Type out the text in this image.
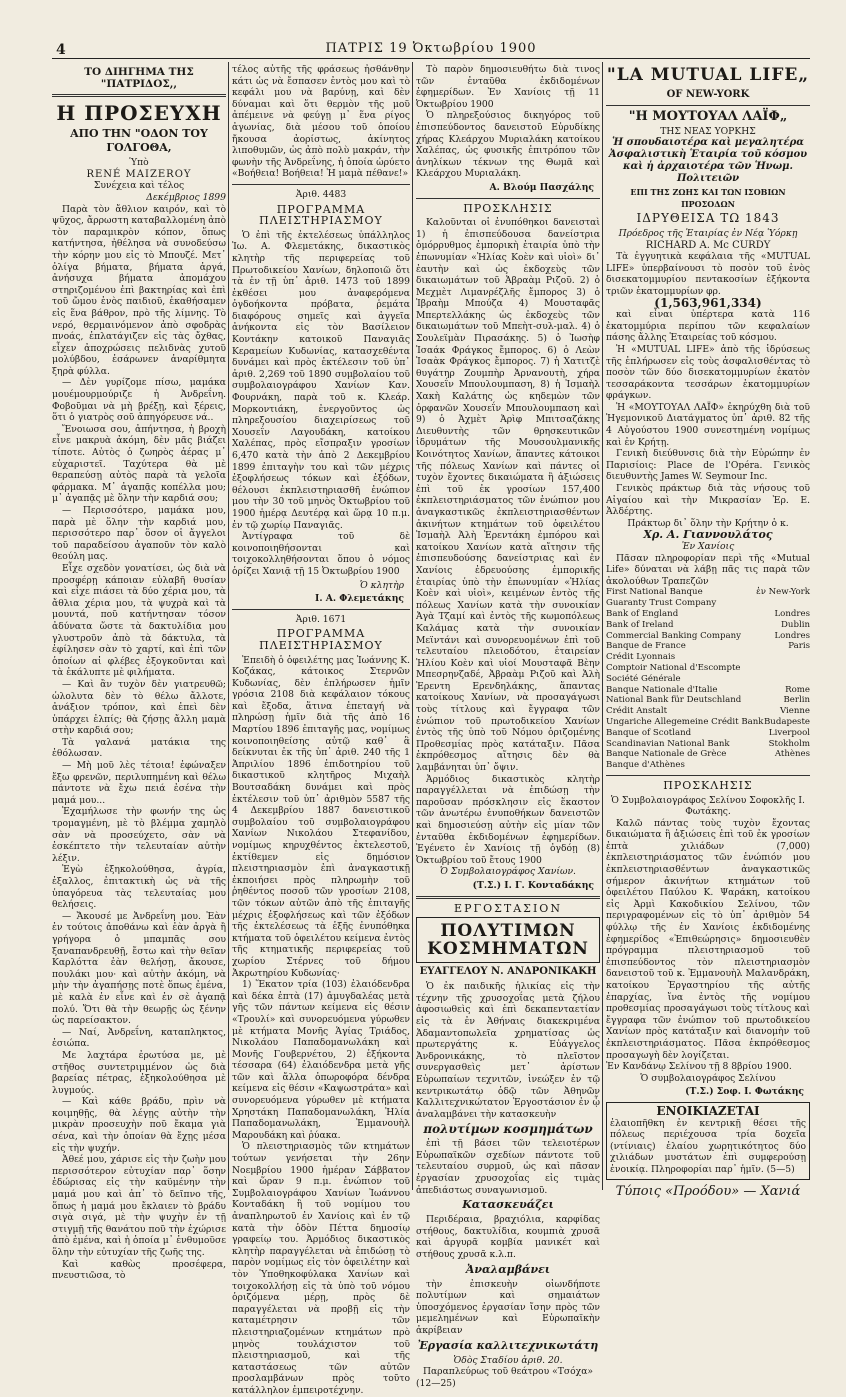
4	ΠΑΤΡΙΣ 19 Ὀκτωβρίου 1900
ΤΟ ΔΙΗΓΗΜΑ ΤΗΣ "ΠΑΤΡΙΔΟΣ,,
Η ΠΡΟΣΕΥΧΗ
ΑΠΟ ΤΗΝ "ΟΔΟΝ ΤΟΥ ΓΟΛΓΟΘΑ,
Ὑπὸ
RENÉ MAIZEROY
Συνέχεια καὶ τέλος
Δεκέμβριος 1899

Παρὰ τὸν ἄθλιον καιρόν, καὶ τὸ ψῦχος, ἄρρωστη καταβαλλομένη ἀπὸ τὸν παραμικρὸν κόπον, ὅπως κατήντησα, ἠθέλησα νὰ συνοδεύσω τὴν κόρην μου εἰς τὸ Μπουζέ. Μετ᾽ ὀλίγα βήματα, βήματα ἀργά, ἀνήσυχα βήματα ἀπομάχου στηριζομένου ἐπὶ βακτηρίας καὶ ἐπὶ τοῦ ὤμου ἑνὸς παιδιοῦ, ἐκαθήσαμεν εἰς ἕνα βάθρον, πρὸ τῆς λίμνης. Τὸ νερό, θερμαινόμενον ἀπὸ σφοδρὰς πνοάς, ἐπλατάγιζεν εἰς τὰς ὄχθας, εἶχεν ἀποχρώσεις πελιδνὰς χυτοῦ μολύβδου, ἐσάρωνεν ἀναρίθμητα ξηρὰ φύλλα.

— Δὲν γυρίζομε πίσω, μαμάκα μουέμουρμούριζε ἡ Ἀνδρεΐνη. Φοβοῦμαι νὰ μὴ βρέξῃ, καὶ ξέρεις, ὅτι ὁ γιατρὸς σοῦ ἀπηγόρευσε νά..

Ἔνοιωσα σου, ἀπήντησα, ἡ βροχὴ εἶνε μακρυὰ ἀκόμη, δὲν μᾶς βιάζει τίποτε. Αὐτὸς ὁ ζωηρὸς ἀέρας μ᾽ εὐχαριστεῖ. Ταχύτερα θὰ μὲ θεραπεύσῃ αὐτὸς παρὰ τὰ γελοῖα φάρμακα. Μ᾽ ἀγαπᾷς κοπέλλα μου; μ᾽ ἀγαπᾷς μὲ ὅλην τὴν καρδιά σου;

— Περισσότερο, μαμάκα μου, παρὰ μὲ ὅλην τὴν καρδιά μου, περισσότερο παρ᾽ ὅσον οἱ ἄγγελοι τοῦ παραδείσου ἀγαποῦν τὸν καλὸ θεούλη μας.

Εἶχε σχεδὸν γονατίσει, ὡς διὰ νὰ προσφέρῃ κάποιαν εὐλαβῆ θυσίαν καὶ εἶχε πιάσει τὰ δύο χέρια μου, τὰ ἄθλια χέρια μου, τὰ ψυχρὰ καὶ τὰ μουντά, ποῦ κατήντησαν τόσον ἀδύνατα ὥστε τὰ δακτυλίδια μου γλυστροῦν ἀπὸ τὰ δάκτυλα, τὰ ἐφίλησεν σὰν τὸ χαρτί, καὶ ἐπὶ τῶν ὁποίων αἱ φλέβες ἐξογκοῦνται καὶ τὰ ἐκάλυπτε μὲ φιλήματα.

— Καὶ ἂν τυχὸν δὲν γιατρευθῶ; ὡλολυτα δὲν τὸ θέλω ἄλλοτε, ἀνάξιον τρόπον, καὶ ἐπεὶ δὲν ὑπάρχει ἐλπίς; θὰ ζήσῃς ἄλλη μαμὰ στὴν καρδιά σου;

Τὰ γαλανά ματάκια της ἐθόλωσαν.

— Μὴ μοῦ λὲς τέτοια! ἐφώναξεν ἔξω φρενῶν, περιλυπημένη καὶ θέλω πάντοτε νὰ ἔχω πειά ἐσένα τὴν μαμά μου...

Ἐχαμήλωσε τὴν φωνήν της ὡς τρομαγμένη, μὲ τὸ βλέμμα χαμηλὸ σὰν νὰ προσεύχετο, σὰν νὰ ἐσκέπτετο τὴν τελευταίαν αὐτὴν λέξιν.

Ἐγὼ ἐξηκολούθησα, ἀγρία, ἐξαλλος, ἐπιτακτικὴ ὡς νὰ τῆς ὑπαγόρευα τὰς τελευταίας μου θελήσεις.

— Ἄκουσέ με Ἀνδρεΐνη μου. Ἐὰν ἐν τούτοις ἀποθάνω καὶ ἐὰν ἀργὰ ἢ γρήγορα ὁ μπαμπᾶς σου ξαναπανδρευθῇ, ἔστω καὶ τὴν θεῖαν Καρλόττα ἐὰν θελήσῃ, ἄκουσε, πουλάκι μου· καὶ αὐτὴν ἀκόμη, νὰ μὴν τὴν ἀγαπήσῃς ποτὲ ὅπως ἐμένα, μὲ καλὰ ἐν εἶνε καὶ ἐν σὲ ἀγαπᾷ πολύ. Ὅτι θὰ τὴν θεωρῇς ὡς ξένην ὡς παρείσακτον.

— Ναί, Ἀνδρεΐνη, καταπληκτος, ἐσιώπα.

Με λαχτάρα ἐρωτύσα με, μὲ στῆθος συντετριμμένον ὡς διὰ βαρείας πέτρας, ἐξηκολούθησα μὲ λυγμούς.

— Καὶ κάθε βράδυ, πρὶν νὰ κοιμηθῇς, θὰ λέγῃς αὐτὴν τὴν μικρὰν προσευχὴν ποῦ ἔκαμα γιὰ σένα, καὶ τὴν ὁποίαν θὰ ἔχῃς μέσα εἰς τὴν ψυχήν.

Ἀθεέ μου, χάρισε εἰς τὴν ζωὴν μου περισσότερον εὐτυχίαν παρ᾽ ὅσην ἐδώρισας εἰς τὴν καϋμένην τὴν μαμά μου καὶ ἀπ᾽ τὸ δεῖπνο τῆς, ὅπως ἡ μαμά μου ἔκλαιεν τὸ βράδυ σιγὰ σιγά, μὲ τὴν ψυχὴν ἐν τῇ στιγμῇ τῆς θανάτου ποῦ τὴν ἐχώρισε ἀπὸ ἐμένα, καὶ ἡ ὁποία μ᾽ ἐνθυμοῦσε ὅλην τὴν εὐτυχίαν τῆς ζωῆς της.

Καὶ καθὼς προσέφερα, πνευστιῶσα, τὸ

τέλος αὐτῆς τῆς φράσεως ἠσθάνθην κάτι ὡς νὰ ἔσπασεν ἐντὸς μου καὶ τὸ κεφάλι μου νὰ βαρύνῃ, καὶ δὲν δύναμαι καὶ ὅτι θερμὸν τῆς μοῦ ἀπέμεινε νὰ φεύγῃ μ᾽ ἕνα ρίγος ἀγωνίας, διὰ μέσου τοῦ ὁποίου ἤκουσα ἀορίστως, ἀκίνητος λιποθυμῶν, ὡς ἀπὸ πολὺ μακράν, τὴν φωνὴν τῆς Ἀνδρεΐνης, ἡ ὁποία ὠρύετο «Βοήθεια! Βοήθεια! Ἡ μαμὰ πέθανε!»

Ἀριθ. 4483
ΠΡΟΓΡΑΜΜΑ ΠΛΕΙΣΤΗΡΙΑΣΜΟΥ

Ὁ ἐπὶ τῆς ἐκτελέσεως ὑπάλληλος Ἰω. Α. Φλεμετάκης, δικαστικὸς κλητὴρ τῆς περιφερείας τοῦ Πρωτοδικείου Χανίων, δηλοποιῶ ὅτι τὰ ἐν τῇ ὑπ᾽ ἀριθ. 1473 τοῦ 1899 ἐκθέσει μου ἀναφερόμενα ὀγδοήκοντα πρόβατα, ῥεμάτα διαφόρους σημεῖς καὶ ἀγγεῖα ἀνήκοντα εἰς τὸν Βασίλειον Κοντάκην κατοικοῦ Παναγιᾶς Κεραμείων Κυδωνίας, κατασχεθέντα δυνάμει καὶ πρὸς ἐκτέλεσιν τοῦ ὑπ᾽ ἀριθ. 2,269 τοῦ 1890 συμβολαίου τοῦ συμβολαιογράφου Χανίων Καν. Φουρνάκη, παρὰ τοῦ κ. Κλεάρ. Μορκοντιάκη, ἐνεργοῦντος ὡς πληρεξουσίου διαχειρίσεως τοῦ Χουσεΐν Λαγουδάκη, κατοίκου Χαλέπας, πρὸς εἴσπραξιν γροσίων 6,470 κατὰ τὴν ἀπὸ 2 Δεκεμβρίου 1899 ἐπιταγὴν του καὶ τῶν μέχρις ἐξοφλήσεως τόκων καὶ ἐξόδων, θέλουσι ἐκπλειστηριασθῆ ἐνώπιον μου τὴν 30 τοῦ μηνὸς Ὀκτωβρίου τοῦ 1900 ἡμέρᾳ Δευτέρᾳ καὶ ὥρᾳ 10 π.μ. ἐν τῷ χωρίῳ Παναγιᾶς.

Ἀντίγραφα τοῦ δὲ κοινοποιηθήσονται καὶ τοιχοκολληθήσονται ὅπου ὁ νόμος ὁρίζει Χανιᾷ τῇ 15 Ὀκτωβρίου 1900

Ὁ κλητὴρ
Ι. Α. Φλεμετάκης
Ἀριθ. 1671
ΠΡΟΓΡΑΜΜΑ ΠΛΕΙΣΤΗΡΙΑΣΜΟΥ

Ἐπειδὴ ὁ ὀφειλέτης μας Ἰωάννης Κ. Κοζάκας, κάτοικος Στερνῶν Κυδωνίας, δὲν ἐπλήρωσεν ἡμῖν γρόσια 2108 διὰ κεφάλαιον τόκους καὶ ἔξοδα, ἅτινα ἐπεταγή νὰ πληρώσῃ ἡμῖν διὰ τῆς ἀπὸ 16 Μαρτίου 1896 ἐπιταγῆς μας, νομίμως κοινοποιηθείσης αὐτῷ καθ᾽ ἃ δείκνυται ἐκ τῆς ὑπ᾽ ἀριθ. 240 τῆς 1 Ἀπριλίου 1896 ἐπιδοτηρίου τοῦ δικαστικοῦ κλητῆρος Μιχαὴλ Βουτσαδάκη δυνάμει καὶ πρὸς ἐκτέλεσιν τοῦ ὑπ᾽ ἀριθμὸν 5587 τῆς 4 Δεκεμβρίου 1887 δανειστικοῦ συμβολαίου τοῦ συμβολαιογράφου Χανίων Νικολάου Στεφανίδου, νομίμως κηρυχθέντος ἐκτελεστοῦ, ἐκτίθεμεν εἰς δημόσιον πλειστηριασμὸν ἐπὶ ἀναγκαστικῇ ἐκποιήσει πρὸς πληρωμὴν τοῦ ῥηθέντος ποσοῦ τῶν γροσίων 2108, τῶν τόκων αὐτῶν ἀπὸ τῆς ἐπιταγῆς μέχρις ἐξοφλήσεως καὶ τῶν ἐξόδων τῆς ἐκτελέσεως τὰ ἑξῆς ἐνυπόθηκα κτήματα τοῦ ὀφειλέτου κείμενα ἐντὸς τῆς κτηματικῆς περιφερείας τοῦ χωρίου Στέρνες τοῦ δήμου Ἀκρωτηρίου Κυδωνίας·

1) Ἕκατον τρία (103) ἐλαιόδενδρα καὶ δέκα ἑπτὰ (17) ἀμυγδαλέας μετὰ γῆς τῶν πάντων κείμενα εἰς θέσιν «Τρουλί» καὶ συνορευόμενα γύρωθεν μὲ κτήματα Μονῆς Ἁγίας Τριάδος, Νικολάου Παπαδομανωλάκη καὶ Μονῆς Γουβερνέτου, 2) ἑξήκοντα τέσσαρα (64) ἐλαιόδενδρα μετὰ γῆς τῶν καὶ ἄλλα ὀπωροφόρα δένδρα κείμενα εἰς θέσιν «Καψωστράτα» καὶ συνορευόμενα γύρωθεν μὲ κτήματα Χρηστάκη Παπαδομανωλάκη, Ἠλία Παπαδομανωλάκη, Ἐμμανουὴλ Μαρουδάκη καὶ ῥύακα.

Ὁ πλειστηριασμὸς τῶν κτημάτων τούτων γενήσεται τὴν 26ην Νοεμβρίου 1900 ἡμέραν Σάββατον καὶ ὥραν 9 π.μ. ἐνώπιον τοῦ Συμβολαιογράφου Χανίων Ἰωάννου Κονταδάκη ἢ τοῦ νομίμου του ἀναπληρωτοῦ ἐν Χανίοις καὶ ἐν τῷ κατὰ τὴν ὁδὸν Πέττα δημοσίῳ γραφείῳ του. Ἀρμόδιος δικαστικὸς κλητὴρ παραγγέλεται νὰ ἐπιδώσῃ τὸ παρὸν νομίμως εἰς τὸν ὀφειλέτην καὶ τὸν Ὑποθηκοφύλακα Χανίων καὶ τοιχοκολλήσῃ εἰς τὰ ὑπὸ τοῦ νόμου ὁριζόμενα μέρῃ, πρὸς δὲ παραγγέλεται νὰ προβῇ εἰς τὴν καταμέτρησιν τῶν πλειστηριαζομένων κτημάτων πρὸ μηνὸς τουλάχιστον τοῦ πλειστηριασμοῦ, καὶ τῆς καταστάσεως τῶν αὐτῶν προσλαμβάνων πρὸς τοῦτο κατάλληλον ἐμπειροτέχνην.

Τὸ παρὸν δημοσιευθήτω διὰ τινος τῶν ἐνταῦθα ἐκδιδομένων ἐφημερίδων. Ἐν Χανίοις τῇ 11 Ὀκτωβρίου 1900

Ὁ πληρεξούσιος δικηγόρος τοῦ ἐπισπεύδοντος δανειστοῦ Εὐρυδίκης χήρας Κλεάρχου Μυριαλάκη κατοίκου Χαλέπας, ὡς φυσικῆς ἐπιτρόπου τῶν ἀνηλίκων τέκνων της Θωμᾶ καὶ Κλεάρχου Μυριαλάκη.

Α. Βλούμ Πασχάλης
ΠΡΟΣΚΛΗΣΙΣ

Καλοῦνται οἱ ἐνυπόθηκοι δανεισταὶ 1) ἡ ἐπισπεύδουσα δανείστρια ὁμόρρυθμος ἐμπορικὴ ἑταιρία ὑπὸ τὴν ἐπωνυμίαν «Ἠλίας Κοὲν καὶ υἱοὶ» δι᾽ ἑαυτὴν καὶ ὡς ἐκδοχεὺς τῶν δικαιωμάτων τοῦ Ἀβραὰμ Ριζοῦ. 2) ὁ Μεχμὲτ Λιμανρέζλῆς ἔμπορος 3) ὁ Ἰβραὴμ Μπούζα 4) Μουσταφᾶς Μπερτελλάκης ὡς ἐκδοχεὺς τῶν δικαιωμάτων τοῦ Μπεὴτ-συλ-μαλ. 4) ὁ Σουλεϊμὰν Πιρασάκης. 5) ὁ Ἰωσὴφ Ἰσαάκ Φράγκος ἔμπορος. 6) ὁ Λεὼν Ἰσαὰκ Φράγκος ἔμπορος. 7) ἡ Χατιτζὲ θυγάτηρ Ζουμπὴρ Ἀρνανουτὴ, χήρα Χουσεΐν Μπουλουμπαση, 8) ἡ Ἰσμαὴλ Χακὴ Καλάτης ὡς κηδεμὼν τῶν ὀρφανῶν Χουσεΐν Μπουλουμπαση καὶ 9) ὁ Ἀχμὲτ Ἀρὶφ Μπιτσαζάκης Διευθυντὴς τῶν θρησκευτικῶν ἱδρυμάτων τῆς Μουσουλμανικῆς Κοινότητος Χανίων, ἅπαντες κάτοικοι τῆς πόλεως Χανίων καὶ πάντες οἱ τυχὸν ἔχοντες δικαιώματα ἢ ἀξιώσεις ἐπὶ τοῦ ἐκ γροσίων 157,400 ἐκπλειστηριάσματος τῶν ἑνώπιον μου ἀναγκαστικῶς ἐκπλειστηριασθέντων ἀκινήτων κτημάτων τοῦ ὀφειλέτου Ἰσμαὴλ Ἀλὴ Ἐρεντάκη ἐμπόρου καὶ κατοίκου Χανίων κατὰ αἴτησιν τῆς ἐπισπευδούσης δανείστριας καὶ ἐν Χανίοις ἐδρευούσης ἐμπορικῆς ἑταιρίας ὑπὸ τὴν ἐπωνυμίαν «Ἠλίας Κοὲν καὶ υἱοὶ», κειμένων ἐντὸς τῆς πόλεως Χανίων κατὰ τὴν συνοικίαν Ἀγὰ Τζαμί καὶ ἐντὸς τῆς κωμοπόλεως Καλάμας κατὰ τὴν συνοικίαν Μεϊντάνι καὶ συνορευομένων ἐπὶ τοῦ τελευταίου πλειοδότου, ἑταιρείαν Ἠλίου Κοὲν καὶ υἱοί Μουσταφᾶ Βὲην Μπεσρηνζαδέ, Ἀβραὰμ Ριζοῦ καὶ Ἀλὴ Ἐρεντη Ερενδηλάκης, ἅπαντας κατοίκους Χανίων, νὰ προσαγάγωσι τοὺς τίτλους καὶ ἔγγραφα τῶν ἐνώπιον τοῦ πρωτοδικείου Χανίων ἐντὸς τῆς ὑπὸ τοῦ Νόμου ὁριζομένης Προθεσμίας πρὸς κατάταξιν. Πᾶσα ἐκπρόθεσμος αἴτησις δὲν θὰ λαμβάνηται ὑπ᾽ ὄψιν.

Ἀρμόδιος δικαστικὸς κλητὴρ παραγγέλλεται νὰ ἐπιδώσῃ τὴν παροῦσαν πρόσκλησιν εἰς ἕκαστον τῶν ἀνωτέρω ἐνυποθήκων δανειστῶν καὶ δημοσιεύσῃ αὐτὴν εἰς μίαν τῶν ἐνταῦθα ἐκδιδομένων ἐφημερίδων. Ἐγένετο ἐν Χανίοις τῇ ὀγδόῃ (8) Ὀκτωβρίου τοῦ ἔτους 1900

Ὁ Συμβολαιογράφος Χανίων.
(Τ.Σ.) Ι. Γ. Κονταδάκης
ΕΡΓΟΣΤΑΣΙΟΝ
ΠΟΛΥΤΙΜΩΝ ΚΟΣΜΗΜΑΤΩΝ
ΕΥΑΓΓΕΛΟΥ Ν. ΑΝΔΡΟΝΙΚΑΚΗ

Ὁ ἐκ παιδικῆς ἡλικίας εἰς τὴν τέχνην τῆς χρυσοχοΐας μετὰ ζήλου ἀφοσιωθεὶς καὶ ἐπὶ δεκαπενταετίαν εἰς τὰ ἐν Ἀθήναις διακεκριμένα Ἀδαμαντοπωλεῖα χρηματίσας ὡς πρωτεργάτης κ. Εὐάγγελος Ἀνδρονικάκης, τὸ πλεῖστον συνεργασθεὶς μετ᾽ ἀρίστων Εὐρωπαίων τεχνιτῶν, ἱνεώξεν ἐν τῷ κεντρικωτάτῳ ὁδῷ τῶν Ἀθηνῶν Καλλιτεχνικώτατον Ἐργοστάσιον ἐν ᾧ ἀναλαμβάνει τὴν κατασκευὴν

πολυτίμων κοσμημάτων

ἐπὶ τῇ βάσει τῶν τελειοτέρων Εὐρωπαϊκῶν σχεδίων πάντοτε τοῦ τελευταίου συρμοῦ, ὡς καὶ πᾶσαν ἐργασίαν χρυσοχοΐας εἰς τιμὰς ἀπεδιάστως συναγωνισμοῦ.

Κατασκευάζει

Περιδέραια, βραχιόλια, καρφίδας στήθους, δακτυλίδια, κουμπιὰ χρυσᾶ καὶ ἀργυρᾶ κομβία μανικέτ καὶ στήθους χρυσᾶ κ.λ.π.

Ἀναλαμβάνει

τὴν ἐπισκευὴν οἱωνδήποτε πολυτίμων καὶ σημαιάτων ὑποσχόμενος ἐργασίαν ἴσην πρὸς τῶν μεμελημένων καὶ Εὐρωπαϊκὴν ἀκρίβειαν

Ἐργασία καλλιτεχνικωτάτη
Ὁδὸς Σταδίου ἀριθ. 20.
Παραπλεύρως τοῦ θεάτρου «Τσόχα»
(12—25)
"LA MUTUAL LIFE„
OF NEW-YORK
"Η ΜΟΥΤΟΥΑΛ ΛΑΪΦ„
ΤΗΣ ΝΕΑΣ ΥΟΡΚΗΣ
Ἡ σπουδαιοτέρα καὶ μεγαλητέρα Ἀσφαλιστικὴ Ἑταιρία τοῦ κόσμου καὶ ἡ ἀρχαιοτέρα τῶν Ἡνωμ. Πολιτειῶν
ΕΠΙ ΤΗΣ ΖΩΗΣ ΚΑΙ ΤΩΝ ΙΣΟΒΙΩΝ ΠΡΟΣΟΔΩΝ
ΙΔΡΥΘΕΙΣΑ ΤΩ 1843
Πρόεδρος τῆς Ἑταιρίας ἐν Νέᾳ Ὑόρκῃ
RICHARD A. Mc CURDY

Τὰ ἐγγυητικὰ κεφάλαια τῆς «MUTUAL LIFE» ὑπερβαίνουσι τὸ ποσὸν τοῦ ἑνὸς δισεκατομμυρίου πεντακοσίων ἑξήκοντα τριῶν ἑκατομμυρίων φρ.

(1,563,961,334)

καὶ εἶναι ὑπέρτερα κατὰ 116 ἑκατομμύρια περίπου τῶν κεφαλαίων πάσης ἄλλης Ἑταιρείας τοῦ κόσμου.

Ἡ «MUTUAL LIFE» ἀπὸ τῆς ἱδρύσεως τῆς ἐπλήρωσεν εἰς τοὺς ἀσφαλισθέντας τὸ ποσὸν τῶν δύο δισεκατομμυρίων ἑκατὸν τεσσαράκοντα τεσσάρων ἑκατομμυρίων φράγκων.

Ἡ «ΜΟΥΤΟΥΑΛ ΛΑΪΦ» ἐκηρύχθη διὰ τοῦ Ἡγεμονικοῦ Διατάγματος ὑπ᾽ ἀριθ. 82 τῆς 4 Αὐγούστου 1900 συνεστημένη νομίμως καὶ ἐν Κρήτῃ.

Γενικὴ διεύθυνσις διὰ τὴν Εὐρώπην ἐν Παρισίοις: Place de l'Opéra. Γενικὸς διευθυντὴς James W. Seymour Inc.

Γενικὸς πράκτωρ διὰ τὰς νήσους τοῦ Αἰγαίου καὶ τὴν Μικρασίαν Ἐρ. Ε. Ἀλδέρτης.

Πράκτωρ δι᾽ ὅλην τὴν Κρήτην ὁ κ.
Χρ. Α. Γιαννουλάτος
Ἐν Χανίοις

Πᾶσαν πληροφορίαν περὶ τῆς «Mutual Life» δύναται νὰ λάβῃ πᾶς τις παρὰ τῶν ἀκολούθων Τραπεζῶν

First National Banque	ἐν New-York
Guaranty Trust Company
Bank of England	Londres
Bank of Ireland	Dublin
Commercial Banking Company	Londres
Banque de France	Paris
Crédit Lyonnais
Comptoir National d'Escompte
Société Générale
Banque Nationale d'Italie	Rome
National Bank für Deutschland	Berlin
Crédit Anstalt	Vienne
Ungariche Allegemeine Crédit Bank Budapeste
Banque of Scotland	Liverpool
Scandinavian National Bank	Stokholm
Banque Nationale de Grèce	Athènes
Banque d'Athènes
ΠΡΟΣΚΛΗΣΙΣ
Ὁ Συμβολαιογράφος Σελίνου Σοφοκλῆς Ι. Φωτάκης.

Καλῶ πάντας τοὺς τυχὸν ἔχοντας δικαιώματα ἢ ἀξιώσεις ἐπὶ τοῦ ἐκ γροσίων ἑπτὰ χιλιάδων (7,000) ἐκπλειστηριάσματος τῶν ἐνώπιόν μου ἐκπλειστηριασθέντων ἀναγκαστικῶς σήμερον ἀκινήτων κτημάτων τοῦ ὀφειλέτου Παύλου Κ. Ψαράκη, κατοίκου εἰς Ἀρμὶ Κακοδικίου Σελίνου, τῶν περιγραφομένων εἰς τὸ ὑπ᾽ ἀριθμὸν 54 φύλλῳ τῆς ἐν Χανίοις ἐκδιδομένης ἐφημερίδος «Ἐπιθεώρησις» δημοσιευθὲν πρόγραμμα πλειστηριασμοῦ τοῦ ἐπισπεύδοντος τὸν πλειστηριασμὸν δανειστοῦ τοῦ κ. Ἐμμανουὴλ Μαλανδράκη, κατοίκου Ἐργαστηρίου τῆς αὐτῆς ἐπαρχίας, ἵνα ἐντὸς τῆς νομίμου προθεσμίας προσαγάγωσι τοὺς τίτλους καὶ ἔγγραφα τῶν ἐνώπιον τοῦ πρωτοδικείου Χανίων πρὸς κατάταξιν καὶ διανομὴν τοῦ ἐκπλειστηριάσματος. Πᾶσα ἐκπρόθεσμος προσαγωγὴ δὲν λογίζεται.

Ἐν Κανδάνῳ Σελίνου τῇ 8 8βρίου 1900.
Ὁ συμβολαιογράφος Σελίνου
(Τ.Σ.) Σοφ. Ι. Φωτάκης
ΕΝΟΙΚΙΑΖΕΤΑΙ
ἐλαιοπῆθκη ἐν κεντρικῇ θέσει τῆς πόλεως περιέχουσα τρία δοχεῖα (ντίνιαις) ἐλαίου χωρητικότητος δύο χιλιάδων μυστάτων ἐπὶ συμφερούσῃ ἐνοικίᾳ. Πληροφορίαι παρ᾽ ἡμῖν. (5—5)
Τύποις «Προόδου» — Χανιά
